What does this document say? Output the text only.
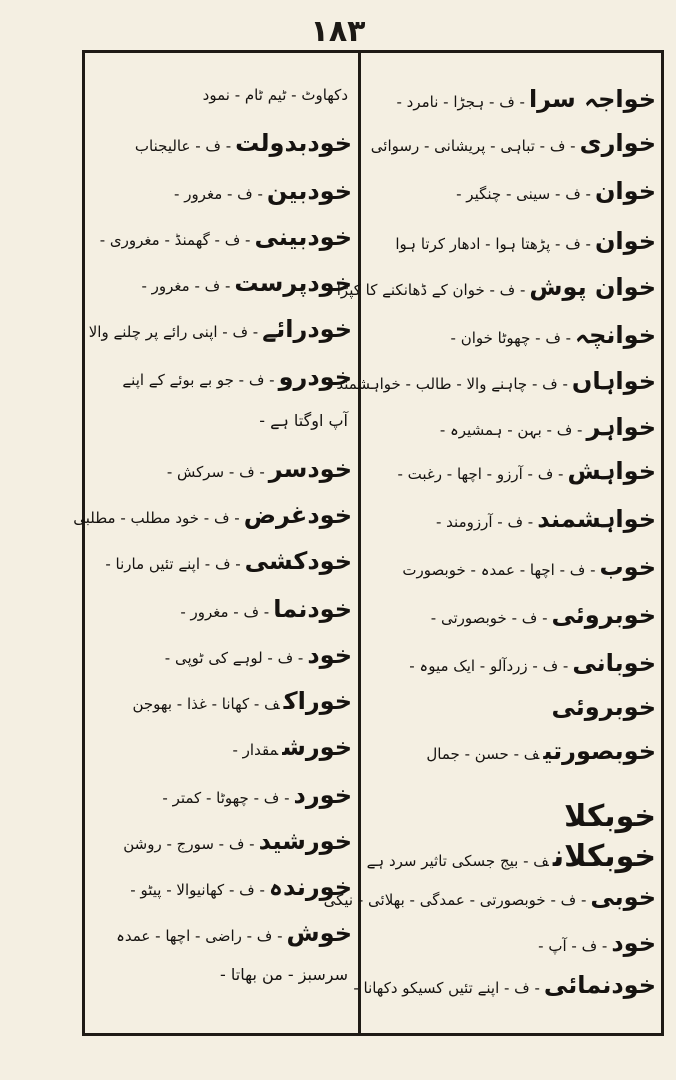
۱۸۳
خواجہ سرا- ف - ہجڑا - نامرد -
خواری- ف - تباہی - پریشانی - رسوائی
خوان- ف - سینی - چنگیر -
خوان- ف - پڑھتا ہوا - ادھار کرتا ہوا
خوان پوش- ف - خوان کے ڈھانکنے کا کپڑا
خوانچہ- ف - چھوٹا خوان -
خواہاں- ف - چاہنے والا - طالب - خواہشمند
خواہر- ف - بہن - ہمشیرہ -
خواہش- ف - آرزو - اچھا - رغبت -
خواہشمند- ف - آرزومند -
خوب- ف - اچھا - عمدہ - خوبصورت
خوبروئی- ف - خوبصورتی -
خوبانی- ف - زردآلو - ایک میوہ -
خوبروئی
خوبصورتیف - حسن - جمال
خوبکلا
خوبکلانف - بیج جسکی تاثیر سرد ہے
خوبی- ف - خوبصورتی - عمدگی - بھلائی - نیکی
خود- ف - آپ -
خودنمائی- ف - اپنے تئیں کسیکو دکھانا -
دکھاوٹ - ٹیم ٹام - نمود
خودبدولت- ف - عالیجناب
خودبین- ف - مغرور -
خودبینی- ف - گھمنڈ - مغروری -
خودپرست- ف - مغرور -
خودرائے- ف - اپنی رائے پر چلنے والا
خودرو- ف - جو بے بوئے کے اپنے
آپ اوگتا ہے -
خودسر- ف - سرکش -
خودغرض- ف - خود مطلب - مطلبی
خودکشی- ف - اپنے تئیں مارنا -
خودنما- ف - مغرور -
خود- ف - لوہے کی ٹوپی -
خوراکف - کھانا - غذا - بھوجن
خورشمقدار -
خورد- ف - چھوٹا - کمتر -
خورشید- ف - سورج - روشن
خورندہ- ف - کھانیوالا - پیٹو -
خوش- ف - راضی - اچھا - عمدہ
سرسبز - من بھاتا -
